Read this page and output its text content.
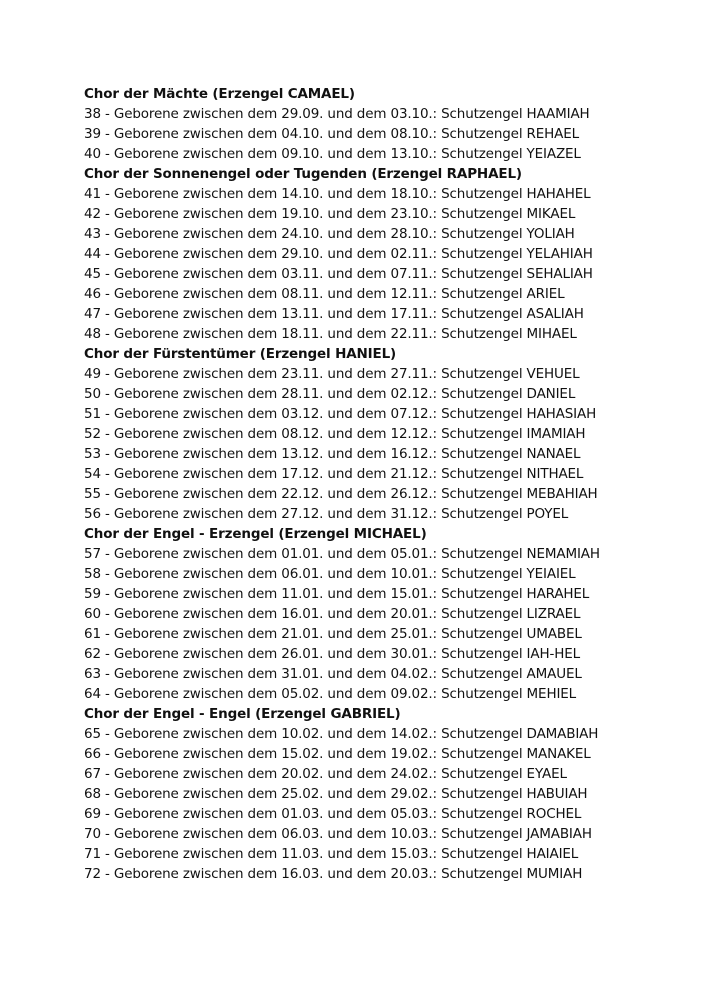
Chor der Mächte (Erzengel CAMAEL)
38 - Geborene zwischen dem 29.09. und dem 03.10.: Schutzengel HAAMIAH
39 - Geborene zwischen dem 04.10. und dem 08.10.: Schutzengel REHAEL
40 - Geborene zwischen dem 09.10. und dem 13.10.: Schutzengel YEIAZEL
Chor der Sonnenengel oder Tugenden (Erzengel RAPHAEL)
41 - Geborene zwischen dem 14.10. und dem 18.10.: Schutzengel HAHAHEL
42 - Geborene zwischen dem 19.10. und dem 23.10.: Schutzengel MIKAEL
43 - Geborene zwischen dem 24.10. und dem 28.10.: Schutzengel YOLIAH
44 - Geborene zwischen dem 29.10. und dem 02.11.: Schutzengel YELAHIAH
45 - Geborene zwischen dem 03.11. und dem 07.11.: Schutzengel SEHALIAH
46 - Geborene zwischen dem 08.11. und dem 12.11.: Schutzengel ARIEL
47 - Geborene zwischen dem 13.11. und dem 17.11.: Schutzengel ASALIAH
48 - Geborene zwischen dem 18.11. und dem 22.11.: Schutzengel MIHAEL
Chor der Fürstentümer (Erzengel HANIEL)
49 - Geborene zwischen dem 23.11. und dem 27.11.: Schutzengel VEHUEL
50 - Geborene zwischen dem 28.11. und dem 02.12.: Schutzengel DANIEL
51 - Geborene zwischen dem 03.12. und dem 07.12.: Schutzengel HAHASIAH
52 - Geborene zwischen dem 08.12. und dem 12.12.: Schutzengel IMAMIAH
53 - Geborene zwischen dem 13.12. und dem 16.12.: Schutzengel NANAEL
54 - Geborene zwischen dem 17.12. und dem 21.12.: Schutzengel NITHAEL
55 - Geborene zwischen dem 22.12. und dem 26.12.: Schutzengel MEBAHIAH
56 - Geborene zwischen dem 27.12. und dem 31.12.: Schutzengel POYEL
Chor der Engel - Erzengel (Erzengel MICHAEL)
57 - Geborene zwischen dem 01.01. und dem 05.01.: Schutzengel NEMAMIAH
58 - Geborene zwischen dem 06.01. und dem 10.01.: Schutzengel YEIAIEL
59 - Geborene zwischen dem 11.01. und dem 15.01.: Schutzengel HARAHEL
60 - Geborene zwischen dem 16.01. und dem 20.01.: Schutzengel LIZRAEL
61 - Geborene zwischen dem 21.01. und dem 25.01.: Schutzengel UMABEL
62 - Geborene zwischen dem 26.01. und dem 30.01.: Schutzengel IAH-HEL
63 - Geborene zwischen dem 31.01. und dem 04.02.: Schutzengel AMAUEL
64 - Geborene zwischen dem 05.02. und dem 09.02.: Schutzengel MEHIEL
Chor der Engel - Engel (Erzengel GABRIEL)
65 - Geborene zwischen dem 10.02. und dem 14.02.: Schutzengel DAMABIAH
66 - Geborene zwischen dem 15.02. und dem 19.02.: Schutzengel MANAKEL
67 - Geborene zwischen dem 20.02. und dem 24.02.: Schutzengel EYAEL
68 - Geborene zwischen dem 25.02. und dem 29.02.: Schutzengel HABUIAH
69 - Geborene zwischen dem 01.03. und dem 05.03.: Schutzengel ROCHEL
70 - Geborene zwischen dem 06.03. und dem 10.03.: Schutzengel JAMABIAH
71 - Geborene zwischen dem 11.03. und dem 15.03.: Schutzengel HAIAIEL
72 - Geborene zwischen dem 16.03. und dem 20.03.: Schutzengel MUMIAH
